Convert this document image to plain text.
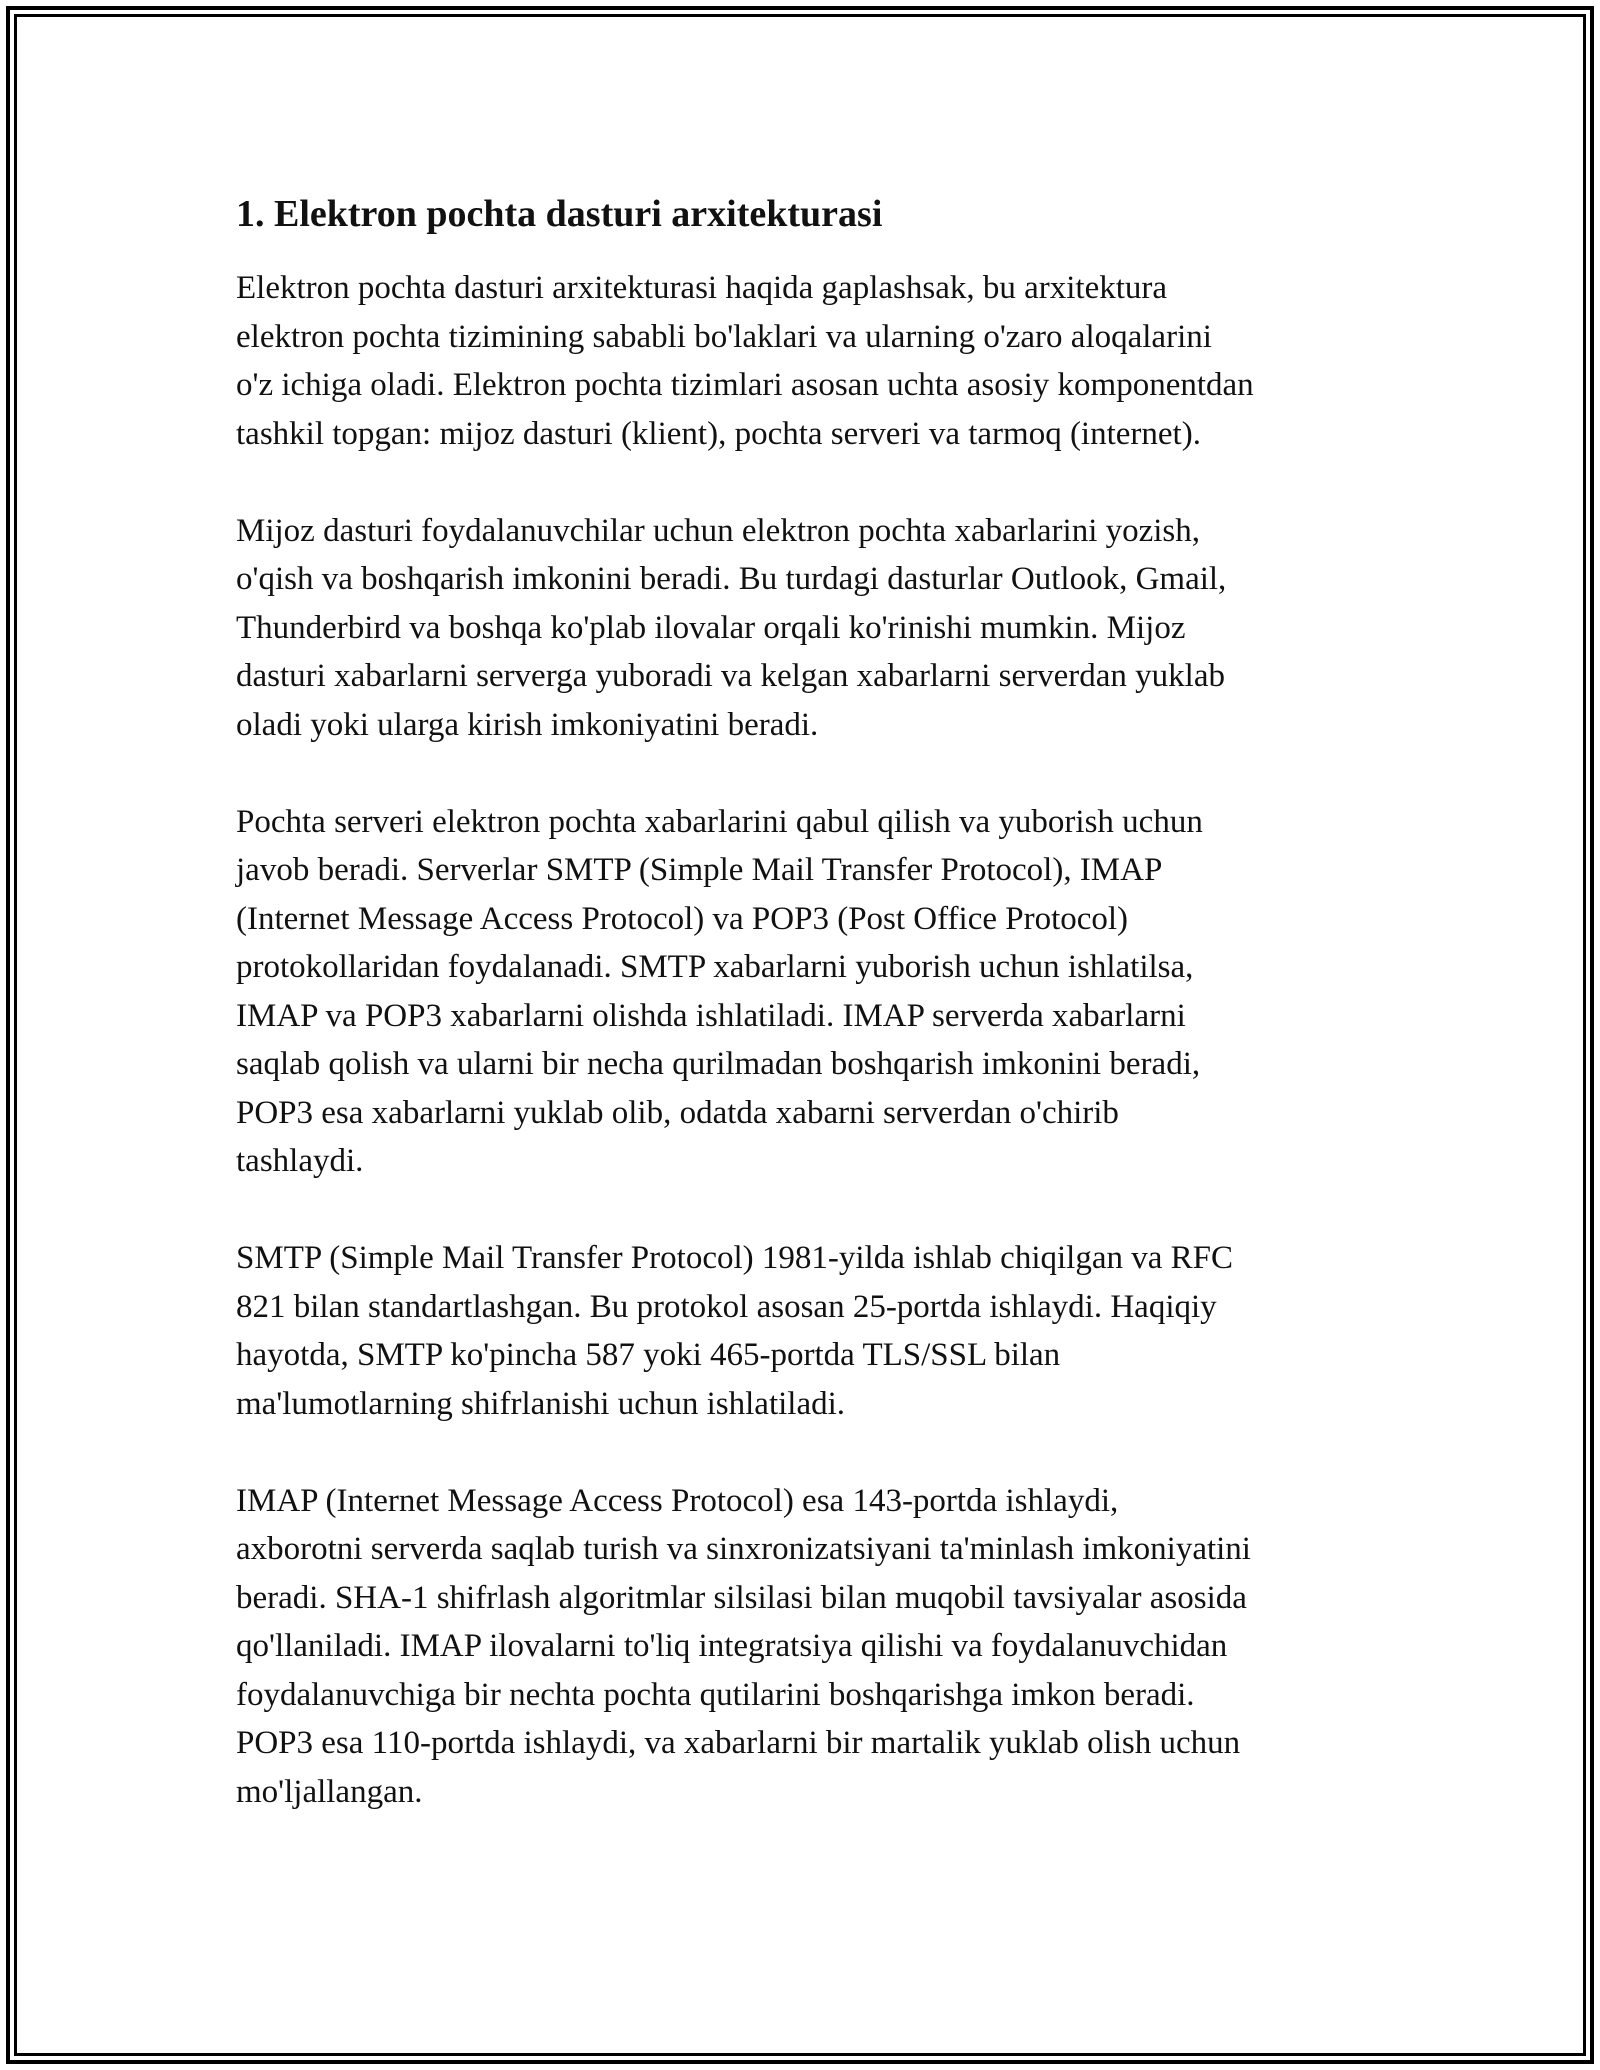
1. Elektron pochta dasturi arxitekturasi

Elektron pochta dasturi arxitekturasi haqida gaplashsak, bu arxitektura
elektron pochta tizimining sababli bo'laklari va ularning o'zaro aloqalarini
o'z ichiga oladi. Elektron pochta tizimlari asosan uchta asosiy komponentdan
tashkil topgan: mijoz dasturi (klient), pochta serveri va tarmoq (internet).

Mijoz dasturi foydalanuvchilar uchun elektron pochta xabarlarini yozish,
o'qish va boshqarish imkonini beradi. Bu turdagi dasturlar Outlook, Gmail,
Thunderbird va boshqa ko'plab ilovalar orqali ko'rinishi mumkin. Mijoz
dasturi xabarlarni serverga yuboradi va kelgan xabarlarni serverdan yuklab
oladi yoki ularga kirish imkoniyatini beradi.

Pochta serveri elektron pochta xabarlarini qabul qilish va yuborish uchun
javob beradi. Serverlar SMTP (Simple Mail Transfer Protocol), IMAP
(Internet Message Access Protocol) va POP3 (Post Office Protocol)
protokollaridan foydalanadi. SMTP xabarlarni yuborish uchun ishlatilsa,
IMAP va POP3 xabarlarni olishda ishlatiladi. IMAP serverda xabarlarni
saqlab qolish va ularni bir necha qurilmadan boshqarish imkonini beradi,
POP3 esa xabarlarni yuklab olib, odatda xabarni serverdan o'chirib
tashlaydi.

SMTP (Simple Mail Transfer Protocol) 1981-yilda ishlab chiqilgan va RFC
821 bilan standartlashgan. Bu protokol asosan 25-portda ishlaydi. Haqiqiy
hayotda, SMTP ko'pincha 587 yoki 465-portda TLS/SSL bilan
ma'lumotlarning shifrlanishi uchun ishlatiladi.

IMAP (Internet Message Access Protocol) esa 143-portda ishlaydi,
axborotni serverda saqlab turish va sinxronizatsiyani ta'minlash imkoniyatini
beradi. SHA-1 shifrlash algoritmlar silsilasi bilan muqobil tavsiyalar asosida
qo'llaniladi. IMAP ilovalarni to'liq integratsiya qilishi va foydalanuvchidan
foydalanuvchiga bir nechta pochta qutilarini boshqarishga imkon beradi.
POP3 esa 110-portda ishlaydi, va xabarlarni bir martalik yuklab olish uchun
mo'ljallangan.
